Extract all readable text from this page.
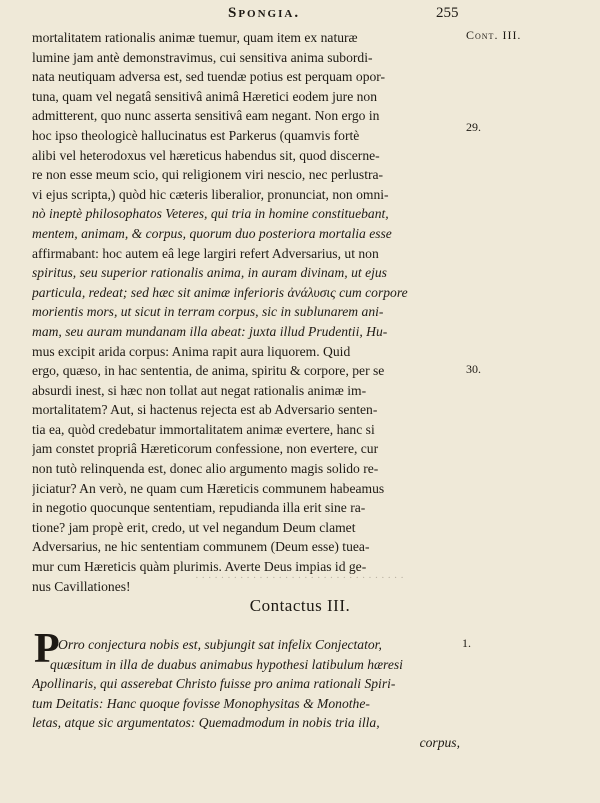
Spongia.	255
Cont. III.
29.
30.
1.
mortalitatem rationalis animæ tuemur, quam item ex naturæ
lumine jam antè demonstravimus, cui sensitiva anima subordi-
nata neutiquam adversa est, sed tuendæ potius est perquam opor-
tuna, quam vel negatâ sensitivâ animâ Hæretici eodem jure non
admitterent, quo nunc asserta sensitivâ eam negant. Non ergo in
hoc ipso theologicè hallucinatus est Parkerus (quamvis fortè
alibi vel heterodoxus vel hæreticus habendus sit, quod discerne-
re non esse meum scio, qui religionem viri nescio, nec perlustra-
vi ejus scripta,) quòd hic cæteris liberalior, pronunciat, non omni-
nò ineptè philosophatos Veteres, qui tria in homine constituebant,
mentem, animam, & corpus, quorum duo posteriora mortalia esse
affirmabant: hoc autem eâ lege largiri refert Adversarius, ut non
spiritus, seu superior rationalis anima, in auram divinam, ut ejus
particula, redeat; sed hæc sit animæ inferioris ἀνάλυσις cum corpore
morientis mors, ut sicut in terram corpus, sic in sublunarem ani-
mam, seu auram mundanam illa abeat: juxta illud Prudentii, Hu-
mus excipit arida corpus: Anima rapit aura liquorem. Quid
ergo, quæso, in hac sententia, de anima, spiritu & corpore, per se
absurdi inest, si hæc non tollat aut negat rationalis animæ im-
mortalitatem? Aut, si hactenus rejecta est ab Adversario senten-
tia ea, quòd credebatur immortalitatem animæ evertere, hanc si
jam constet propriâ Hæreticorum confessione, non evertere, cur
non tutò relinquenda est, donec alio argumento magis solido re-
jiciatur? An verò, ne quam cum Hæreticis communem habeamus
in negotio quocunque sententiam, repudianda illa erit sine ra-
tione? jam propè erit, credo, ut vel negandum Deum clamet
Adversarius, ne hic sententiam communem (Deum esse) tuea-
mur cum Hæreticis quàm plurimis. Averte Deus impias id ge-
nus Cavillationes!
· · · · · · · · · · · · · · · · · · · · · · · · · · · · · · · · ·
Contactus III.
P
Orro conjectura nobis est, subjungit sat infelix Conjectator,
quæsitum in illa de duabus animabus hypothesi latibulum hæresi
Apollinaris, qui asserebat Christo fuisse pro anima rationali Spiri-
tum Deitatis: Hanc quoque fovisse Monophysitas & Monothe-
letas, atque sic argumentatos: Quemadmodum in nobis tria illa,
corpus,
